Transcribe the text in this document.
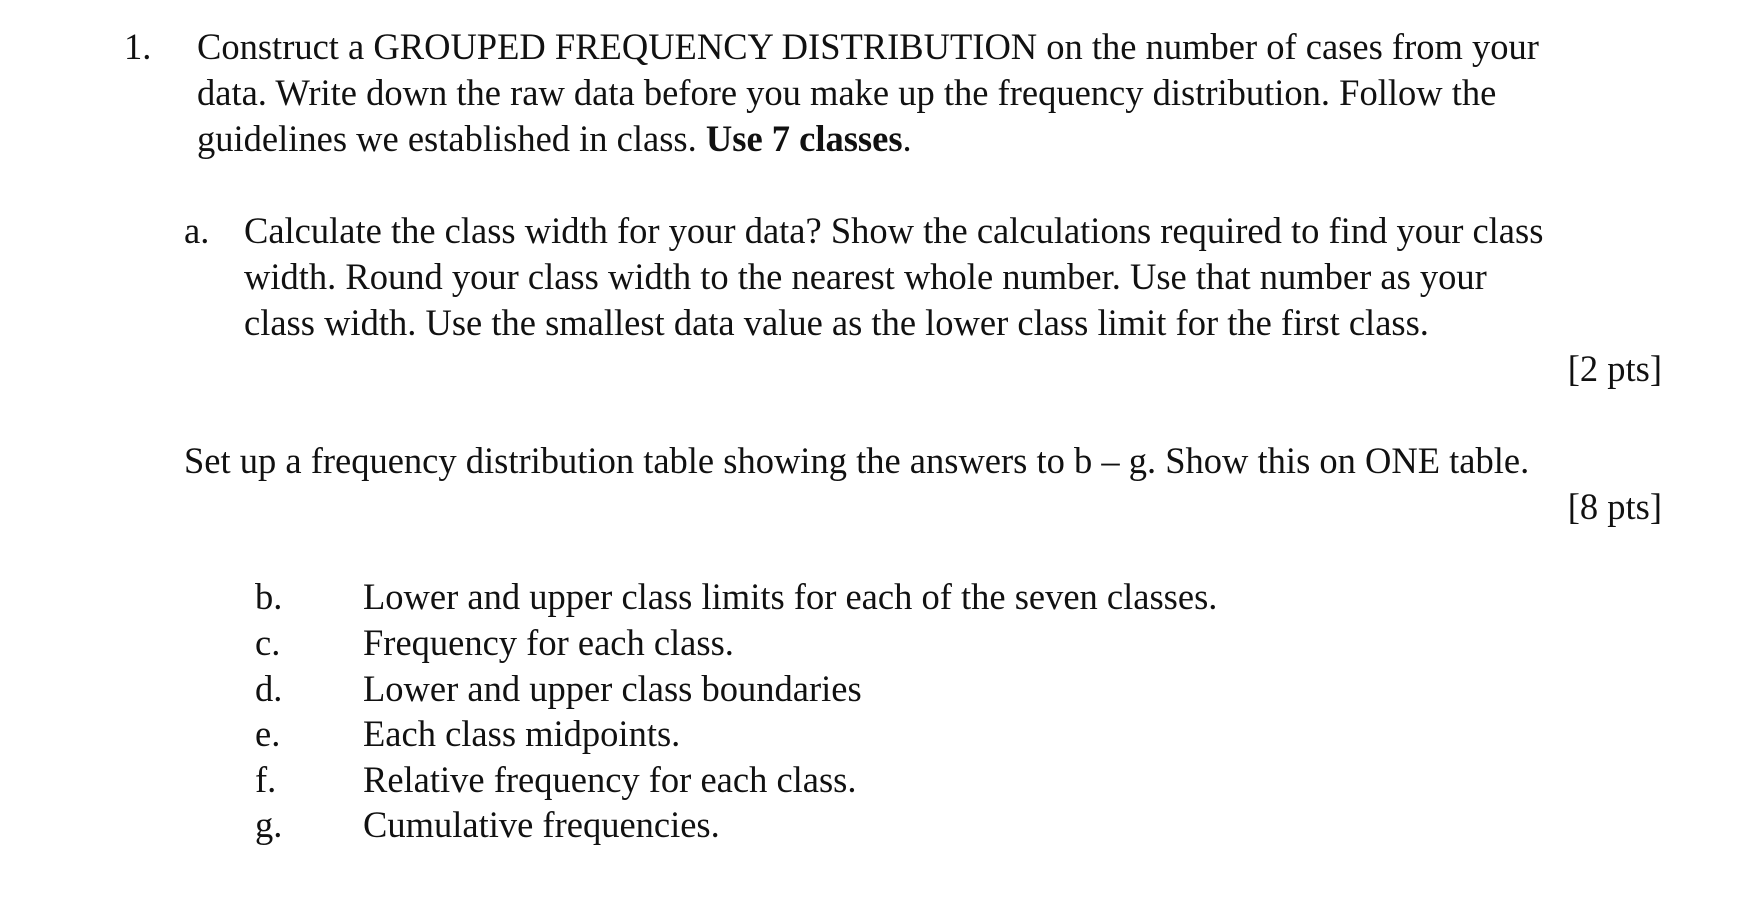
1. Construct a GROUPED FREQUENCY DISTRIBUTION on the number of cases from your
data. Write down the raw data before you make up the frequency distribution. Follow the
guidelines we established in class. Use 7 classes.
a. Calculate the class width for your data? Show the calculations required to find your class
width. Round your class width to the nearest whole number. Use that number as your
class width. Use the smallest data value as the lower class limit for the first class.
[2 pts]
Set up a frequency distribution table showing the answers to b – g. Show this on ONE table.
[8 pts]
b. Lower and upper class limits for each of the seven classes.
c. Frequency for each class.
d. Lower and upper class boundaries
e. Each class midpoints.
f. Relative frequency for each class.
g. Cumulative frequencies.
